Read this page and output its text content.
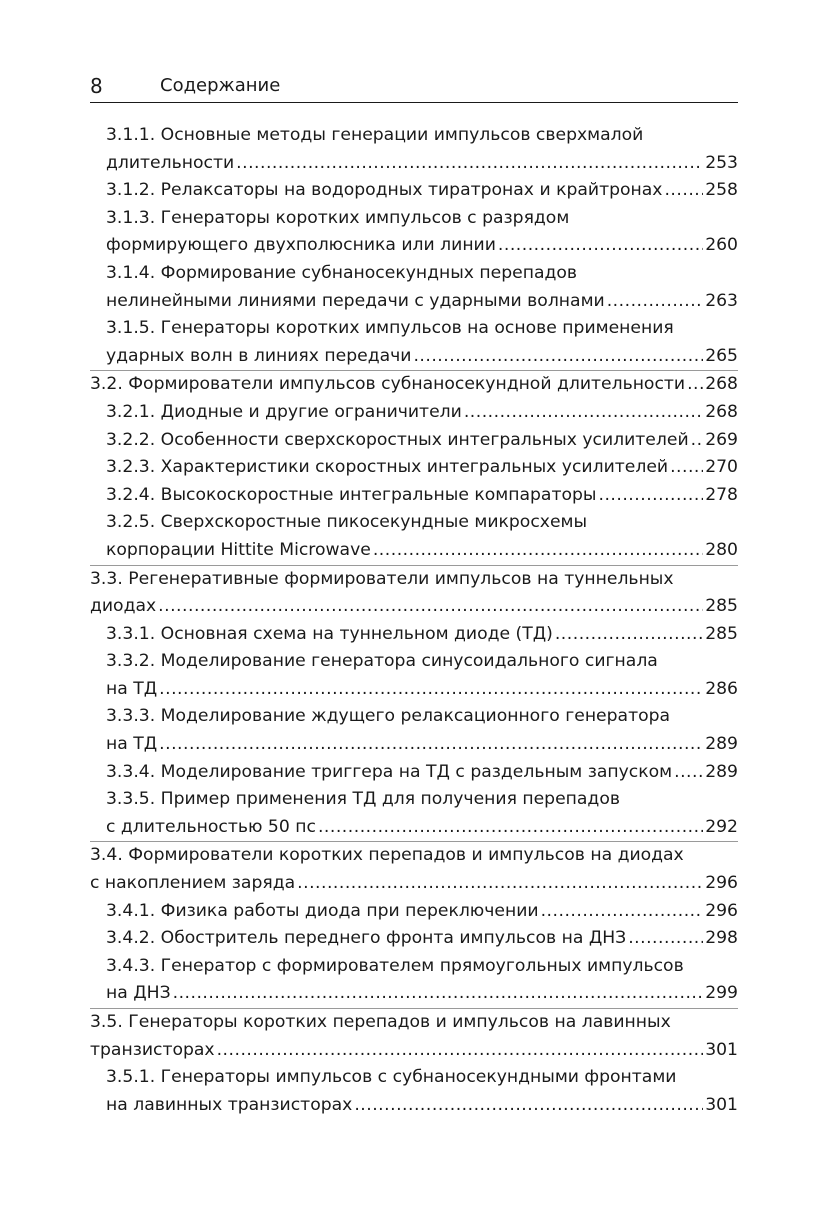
8	Содержание
3.1.1. Основные методы генерации импульсов сверхмалой
длительности .....	253
3.1.2. Релаксаторы на водородных тиратронах и крайтронах ..... 258
3.1.3. Генераторы коротких импульсов с разрядом
формирующего двухполюсника или линии .....	260
3.1.4. Формирование субнаносекундных перепадов
нелинейными линиями передачи с ударными волнами .....	263
3.1.5. Генераторы коротких импульсов на основе применения
ударных волн в линиях передачи .....	265
3.2. Формирователи импульсов субнаносекундной длительности ..... 268
3.2.1. Диодные и другие ограничители .....	268
3.2.2. Особенности сверхскоростных интегральных усилителей ..... 269
3.2.3. Характеристики скоростных интегральных усилителей ..... 270
3.2.4. Высокоскоростные интегральные компараторы .....	278
3.2.5. Сверхскоростные пикосекундные микросхемы
корпорации Hittite Microwave .....	280
3.3. Регенеративные формирователи импульсов на туннельных
диодах .....	285
3.3.1. Основная схема на туннельном диоде (ТД) .....	285
3.3.2. Моделирование генератора синусоидального сигнала
на ТД .....	286
3.3.3. Моделирование ждущего релаксационного генератора
на ТД .....	289
3.3.4. Моделирование триггера на ТД с раздельным запуском ..... 289
3.3.5. Пример применения ТД для получения перепадов
с длительностью 50 пс .....	292
3.4. Формирователи коротких перепадов и импульсов на диодах
с накоплением заряда .....	296
3.4.1. Физика работы диода при переключении .....	296
3.4.2. Обостритель переднего фронта импульсов на ДНЗ .....	298
3.4.3. Генератор с формирователем прямоугольных импульсов
на ДНЗ .....	299
3.5. Генераторы коротких перепадов и импульсов на лавинных
транзисторах .....	301
3.5.1. Генераторы импульсов с субнаносекундными фронтами
на лавинных транзисторах .....	301
